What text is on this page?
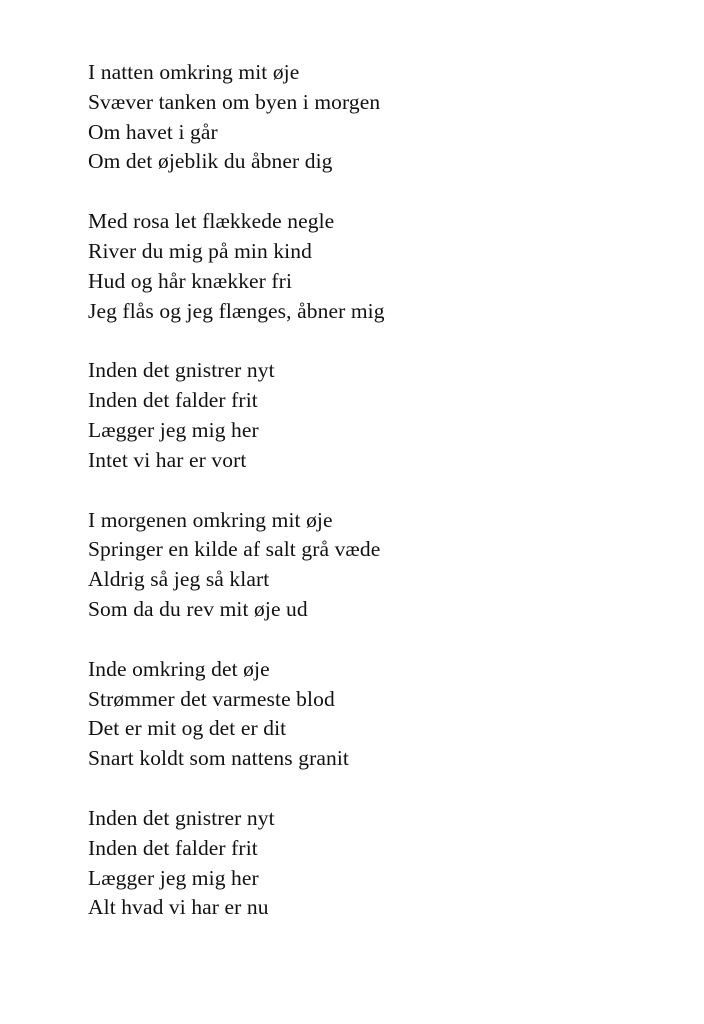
I natten omkring mit øje
Svæver tanken om byen i morgen
Om havet i går
Om det øjeblik du åbner dig
Med rosa let flækkede negle
River du mig på min kind
Hud og hår knækker fri
Jeg flås og jeg flænges, åbner mig
Inden det gnistrer nyt
Inden det falder frit
Lægger jeg mig her
Intet vi har er vort
I morgenen omkring mit øje
Springer en kilde af salt grå væde
Aldrig så jeg så klart
Som da du rev mit øje ud
Inde omkring det øje
Strømmer det varmeste blod
Det er mit og det er dit
Snart koldt som nattens granit
Inden det gnistrer nyt
Inden det falder frit
Lægger jeg mig her
Alt hvad vi har er nu
